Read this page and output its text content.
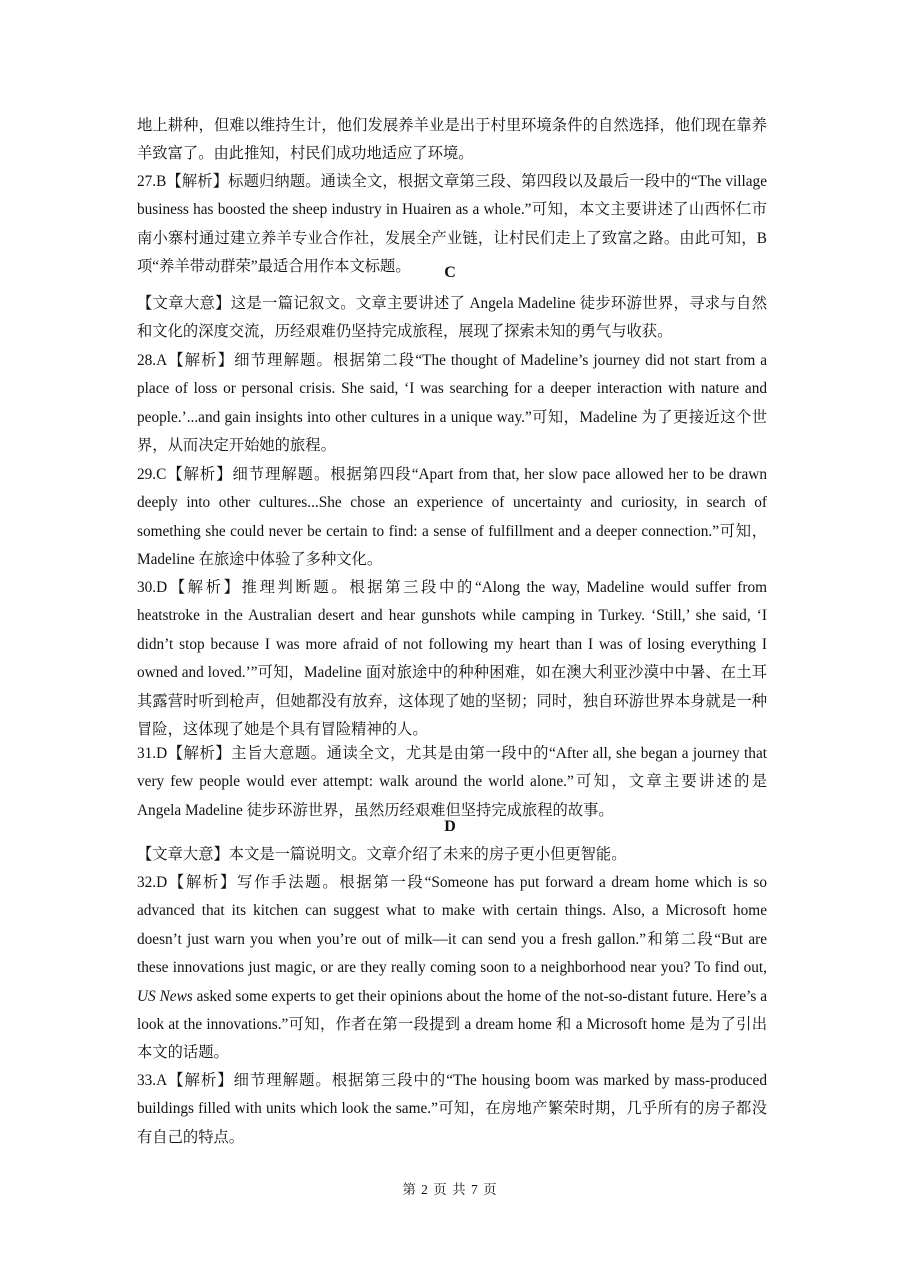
地上耕种，但难以维持生计，他们发展养羊业是出于村里环境条件的自然选择，他们现在靠养羊致富了。由此推知，村民们成功地适应了环境。

27.B【解析】标题归纳题。通读全文，根据文章第三段、第四段以及最后一段中的“The village business has boosted the sheep industry in Huairen as a whole.”可知，本文主要讲述了山西怀仁市南小寨村通过建立养羊专业合作社，发展全产业链，让村民们走上了致富之路。由此可知，B 项“养羊带动群荣”最适合用作本文标题。	C

【文章大意】这是一篇记叙文。文章主要讲述了 Angela Madeline 徒步环游世界，寻求与自然和文化的深度交流，历经艰难仍坚持完成旅程，展现了探索未知的勇气与收获。

28.A【解析】细节理解题。根据第二段“The thought of Madeline’s journey did not start from a place of loss or personal crisis. She said, ‘I was searching for a deeper interaction with nature and people.’...and gain insights into other cultures in a unique way.”可知，Madeline 为了更接近这个世界，从而决定开始她的旅程。

29.C【解析】细节理解题。根据第四段“Apart from that, her slow pace allowed her to be drawn deeply into other cultures...She chose an experience of uncertainty and curiosity, in search of something she could never be certain to find: a sense of fulfillment and a deeper connection.”可知，Madeline 在旅途中体验了多种文化。

30.D【解析】推理判断题。根据第三段中的“Along the way, Madeline would suffer from heatstroke in the Australian desert and hear gunshots while camping in Turkey. ‘Still,’ she said, ‘I didn’t stop because I was more afraid of not following my heart than I was of losing everything I owned and loved.’”可知，Madeline 面对旅途中的种种困难，如在澳大利亚沙漠中中暑、在土耳其露营时听到枪声，但她都没有放弃，这体现了她的坚韧；同时，独自环游世界本身就是一种冒险，这体现了她是个具有冒险精神的人。

31.D【解析】主旨大意题。通读全文，尤其是由第一段中的“After all, she began a journey that very few people would ever attempt: walk around the world alone.”可知，文章主要讲述的是 Angela Madeline 徒步环游世界，虽然历经艰难但坚持完成旅程的故事。

D

【文章大意】本文是一篇说明文。文章介绍了未来的房子更小但更智能。

32.D【解析】写作手法题。根据第一段“Someone has put forward a dream home which is so advanced that its kitchen can suggest what to make with certain things. Also, a Microsoft home doesn’t just warn you when you’re out of milk—it can send you a fresh gallon.”和第二段“But are these innovations just magic, or are they really coming soon to a neighborhood near you? To find out, US News asked some experts to get their opinions about the home of the not-so-distant future. Here’s a look at the innovations.”可知，作者在第一段提到 a dream home 和 a Microsoft home 是为了引出本文的话题。

33.A【解析】细节理解题。根据第三段中的“The housing boom was marked by mass-produced buildings filled with units which look the same.”可知，在房地产繁荣时期，几乎所有的房子都没有自己的特点。

第 2 页 共 7 页
